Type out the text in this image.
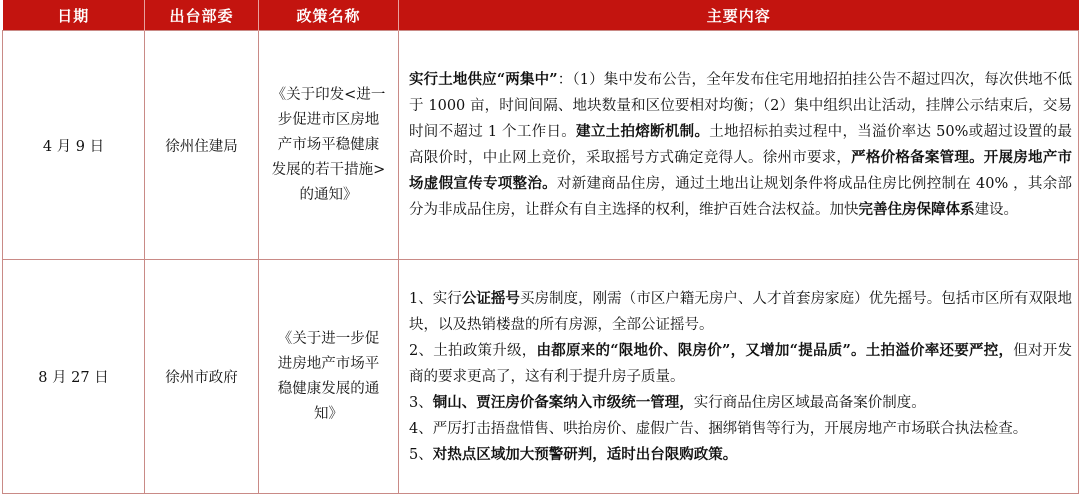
日期	出台部委	政策名称	主要内容
4 月 9 日	徐州住建局	《关于印发<进一步促进市区房地产市场平稳健康发展的若干措施>的通知》	实行土地供应“两集中”：（1）集中发布公告，全年发布住宅用地招拍挂公告不超过四次，每次供地不低于 1000 亩，时间间隔、地块数量和区位要相对均衡；（2）集中组织出让活动，挂牌公示结束后，交易时间不超过 1 个工作日。建立土拍熔断机制。土地招标拍卖过程中，当溢价率达 50%或超过设置的最高限价时，中止网上竞价，采取摇号方式确定竞得人。徐州市要求，严格价格备案管理。开展房地产市场虚假宣传专项整治。对新建商品住房，通过土地出让规划条件将成品住房比例控制在 40% ，其余部分为非成品住房，让群众有自主选择的权利，维护百姓合法权益。加快完善住房保障体系建设。
8 月 27 日	徐州市政府	《关于进一步促进房地产市场平稳健康发展的通知》	1、实行公证摇号买房制度，刚需（市区户籍无房户、人才首套房家庭）优先摇号。包括市区所有双限地块，以及热销楼盘的所有房源，全部公证摇号。

2、土拍政策升级，由都原来的“限地价、限房价”，又增加“提品质”。土拍溢价率还要严控，但对开发商的要求更高了，这有利于提升房子质量。

3、铜山、贾汪房价备案纳入市级统一管理，实行商品住房区域最高备案价制度。

4、严厉打击捂盘惜售、哄抬房价、虚假广告、捆绑销售等行为，开展房地产市场联合执法检查。

5、对热点区域加大预警研判，适时出台限购政策。
